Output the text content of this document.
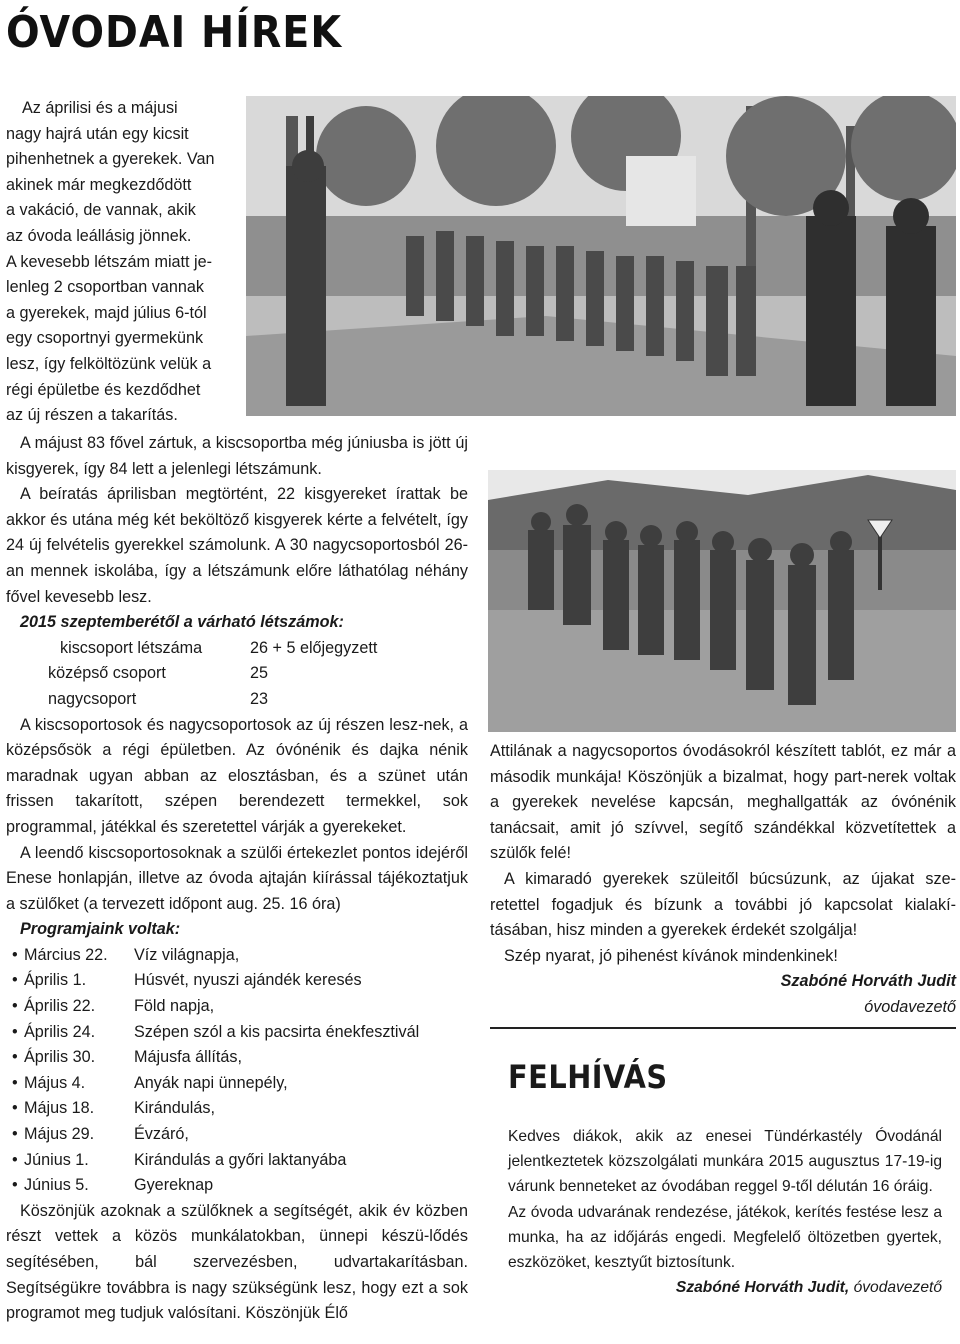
ÓVODAI HÍREK
Az áprilisi és a májusi
nagy hajrá után egy kicsit
pihenhetnek a gyerekek. Van
akinek már megkezdődött
a vakáció, de vannak, akik
az óvoda leállásig jönnek.
A kevesebb létszám miatt je-
lenleg 2 csoportban vannak
a gyerekek, majd július 6-tól
egy csoportnyi gyermekünk
lesz, így felköltözünk velük a
régi épületbe és kezdődhet
az új részen a takarítás.

A májust 83 fővel zártuk, a kiscsoportba még júniusba is jött új kisgyerek, így 84 lett a jelenlegi létszámunk.

A beíratás áprilisban megtörtént, 22 kisgyereket írattak be akkor és utána még két beköltöző kisgyerek kérte a felvételt, így 24 új felvételis gyerekkel számolunk. A 30 nagycsoportosból 26-an mennek iskolába, így a létszámunk előre láthatólag néhány fővel kevesebb lesz.

2015 szeptemberétől a várható létszámok:
kiscsoport létszáma	26 + 5 előjegyzett
középső csoport	25
nagycsoport	23

A kiscsoportosok és nagycsoportosok az új részen lesz-nek, a középsősök a régi épületben. Az óvónénik és dajka nénik maradnak ugyan abban az elosztásban, és a szünet után frissen takarított, szépen berendezett termekkel, sok programmal, játékkal és szeretettel várják a gyerekeket.

A leendő kiscsoportosoknak a szülői értekezlet pontos idejéről Enese honlapján, illetve az óvoda ajtaján kiírással tájékoztatjuk a szülőket (a tervezett időpont aug. 25. 16 óra)

Programjaink voltak:
• Március 22.	Víz világnapja,
• Április 1.	Húsvét, nyuszi ajándék keresés
• Április 22.	Föld napja,
• Április 24.	Szépen szól a kis pacsirta énekfesztivál
• Április 30.	Májusfa állítás,
• Május 4.	Anyák napi ünnepély,
• Május 18.	Kirándulás,
• Május 29.	Évzáró,
• Június 1.	Kirándulás a győri laktanyába
• Június 5.	Gyereknap

Köszönjük azoknak a szülőknek a segítségét, akik év közben részt vettek a közös munkálatokban, ünnepi készü-lődés segítésében, bál szervezésben, udvartakarításban. Segítségükre továbbra is nagy szükségünk lesz, hogy ezt a sok programot meg tudjuk valósítani. Köszönjük Élő

Attilának a nagycsoportos óvodásokról készített tablót, ez már a második munkája! Köszönjük a bizalmat, hogy part-nerek voltak a gyerekek nevelése kapcsán, meghallgatták az óvónénik tanácsait, amit jó szívvel, segítő szándékkal közvetítettek a szülők felé!

A kimaradó gyerekek szüleitől búcsúzunk, az újakat sze-retettel fogadjuk és bízunk a további jó kapcsolat kialakí-tásában, hisz minden a gyerekek érdekét szolgálja!

Szép nyarat, jó pihenést kívánok mindenkinek!

Szabóné Horváth Judit
óvodavezető
FELHÍVÁS

Kedves diákok, akik az enesei Tündérkastély Óvodánál jelentkeztetek közszolgálati munkára 2015 augusztus 17-19-ig várunk benneteket az óvodában reggel 9-től délután 16 óráig.

Az óvoda udvarának rendezése, játékok, kerítés festése lesz a munka, ha az időjárás engedi. Megfelelő öltözetben gyertek, eszközöket, kesztyűt biztosítunk.

Szabóné Horváth Judit, óvodavezető
